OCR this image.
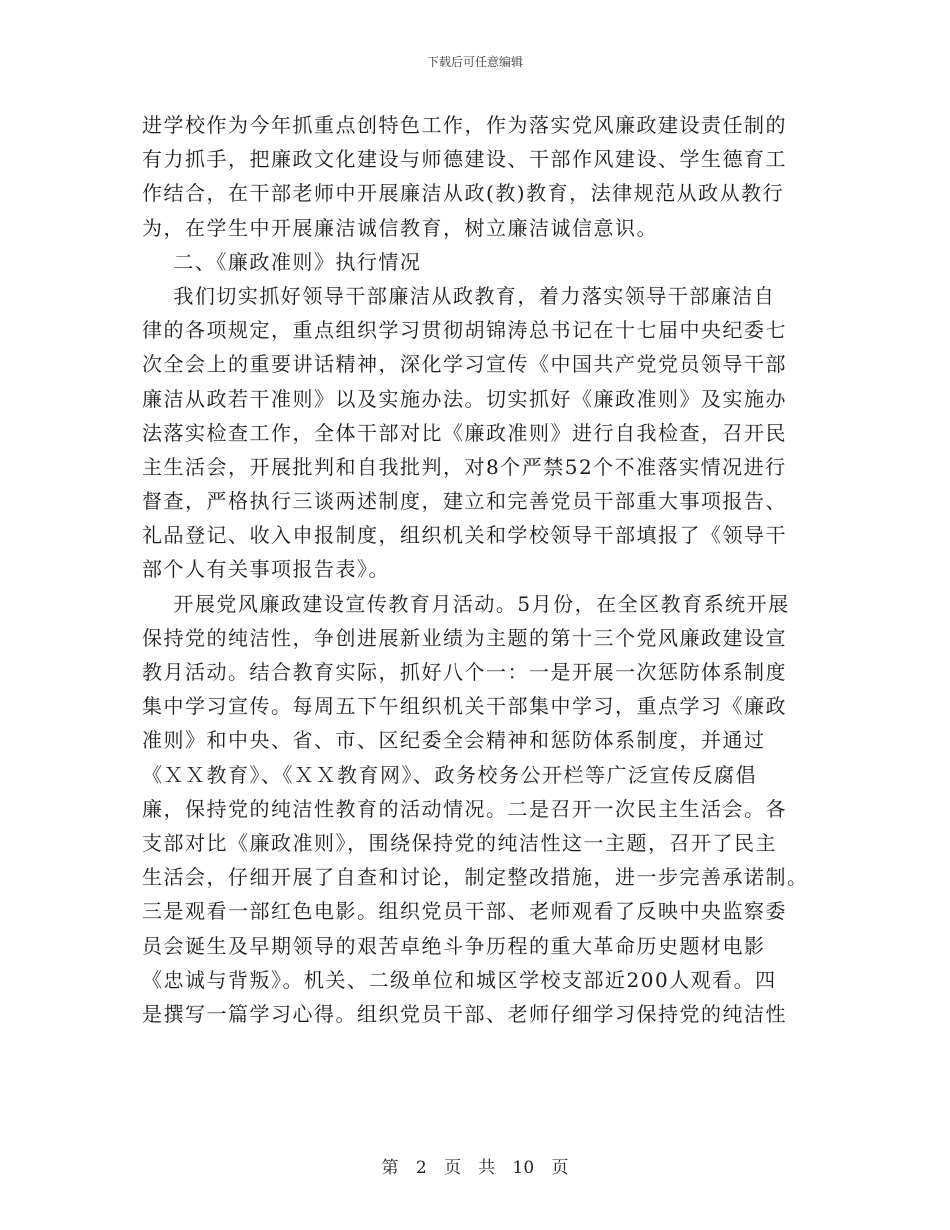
下载后可任意编辑
进学校作为今年抓重点创特色工作，作为落实党风廉政建设责任制的
有力抓手，把廉政文化建设与师德建设、干部作风建设、学生德育工
作结合，在干部老师中开展廉洁从政(教)教育，法律规范从政从教行
为，在学生中开展廉洁诚信教育，树立廉洁诚信意识。
二、《廉政准则》执行情况
我们切实抓好领导干部廉洁从政教育，着力落实领导干部廉洁自
律的各项规定，重点组织学习贯彻胡锦涛总书记在十七届中央纪委七
次全会上的重要讲话精神，深化学习宣传《中国共产党党员领导干部
廉洁从政若干准则》以及实施办法。切实抓好《廉政准则》及实施办
法落实检查工作，全体干部对比《廉政准则》进行自我检查，召开民
主生活会，开展批判和自我批判，对8个严禁52个不准落实情况进行
督查，严格执行三谈两述制度，建立和完善党员干部重大事项报告、
礼品登记、收入申报制度，组织机关和学校领导干部填报了《领导干
部个人有关事项报告表》。
开展党风廉政建设宣传教育月活动。5月份，在全区教育系统开展
保持党的纯洁性，争创进展新业绩为主题的第十三个党风廉政建设宣
教月活动。结合教育实际，抓好八个一：一是开展一次惩防体系制度
集中学习宣传。每周五下午组织机关干部集中学习，重点学习《廉政
准则》和中央、省、市、区纪委全会精神和惩防体系制度，并通过
《ＸＸ教育》、《ＸＸ教育网》、政务校务公开栏等广泛宣传反腐倡
廉，保持党的纯洁性教育的活动情况。二是召开一次民主生活会。各
支部对比《廉政准则》，围绕保持党的纯洁性这一主题，召开了民主
生活会，仔细开展了自查和讨论，制定整改措施，进一步完善承诺制。
三是观看一部红色电影。组织党员干部、老师观看了反映中央监察委
员会诞生及早期领导的艰苦卓绝斗争历程的重大革命历史题材电影
《忠诚与背叛》。机关、二级单位和城区学校支部近200人观看。四
是撰写一篇学习心得。组织党员干部、老师仔细学习保持党的纯洁性
第 2 页　共 10 页
